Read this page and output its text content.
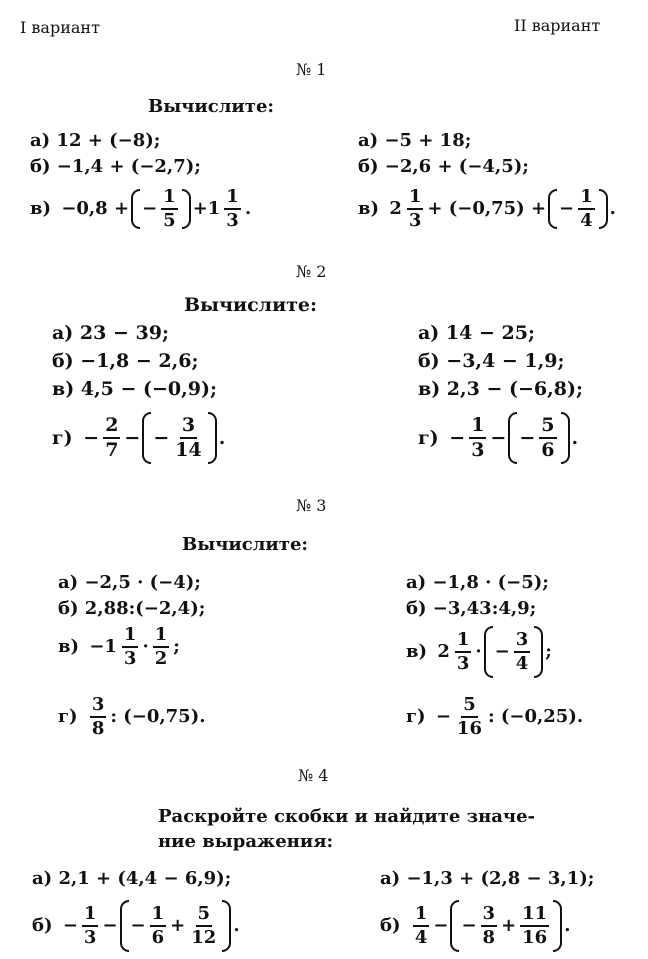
I вариант	II вариант
№ 1
Вычислите:
а) 12 + (−8);
б) −1,4 + (−2,7);
в)
−0,8 + − $\frac{1}{5} +1 \frac{1}{3}$ .
а) −5 + 18;
б) −2,6 + (−4,5);
в)
$2 \frac{1}{3} + (-0,75)$ + − $\frac{1}{4}$ .
№ 2
Вычислите:
а) 23 − 39;
б) −1,8 − 2,6;
в) 4,5 − (−0,9);
г)
− $\frac{2}{7}$ − − $\frac{3}{14}$ .
а) 14 − 25;
б) −3,4 − 1,9;
в) 2,3 − (−6,8);
г)
− $\frac{1}{3}$ − − $\frac{5}{6}$ .
№ 3
Вычислите:
а) −2,5 · (−4);
б) 2,88:(−2,4);
в)
$-1 \frac{1}{3} \cdot \frac{1}{2}$ ;
г)
$\frac{3}{8}$ : (−0,75).
а) −1,8 · (−5);
б) −3,43:4,9;
в)
$2 \frac{1}{3}$ · − $\frac{3}{4}$ ;
г)
− $\frac{5}{16}$ : (−0,25).
№ 4
Раскройте скобки и найдите значе-
ние выражения:
а) 2,1 + (4,4 − 6,9);
б)
− $\frac{1}{3}$ − − $\frac{1}{6} + \frac{5}{12}$ .
а) −1,3 + (2,8 − 3,1);
б)
$\frac{1}{4}$ − − $\frac{3}{8} + \frac{11}{16}$ .
